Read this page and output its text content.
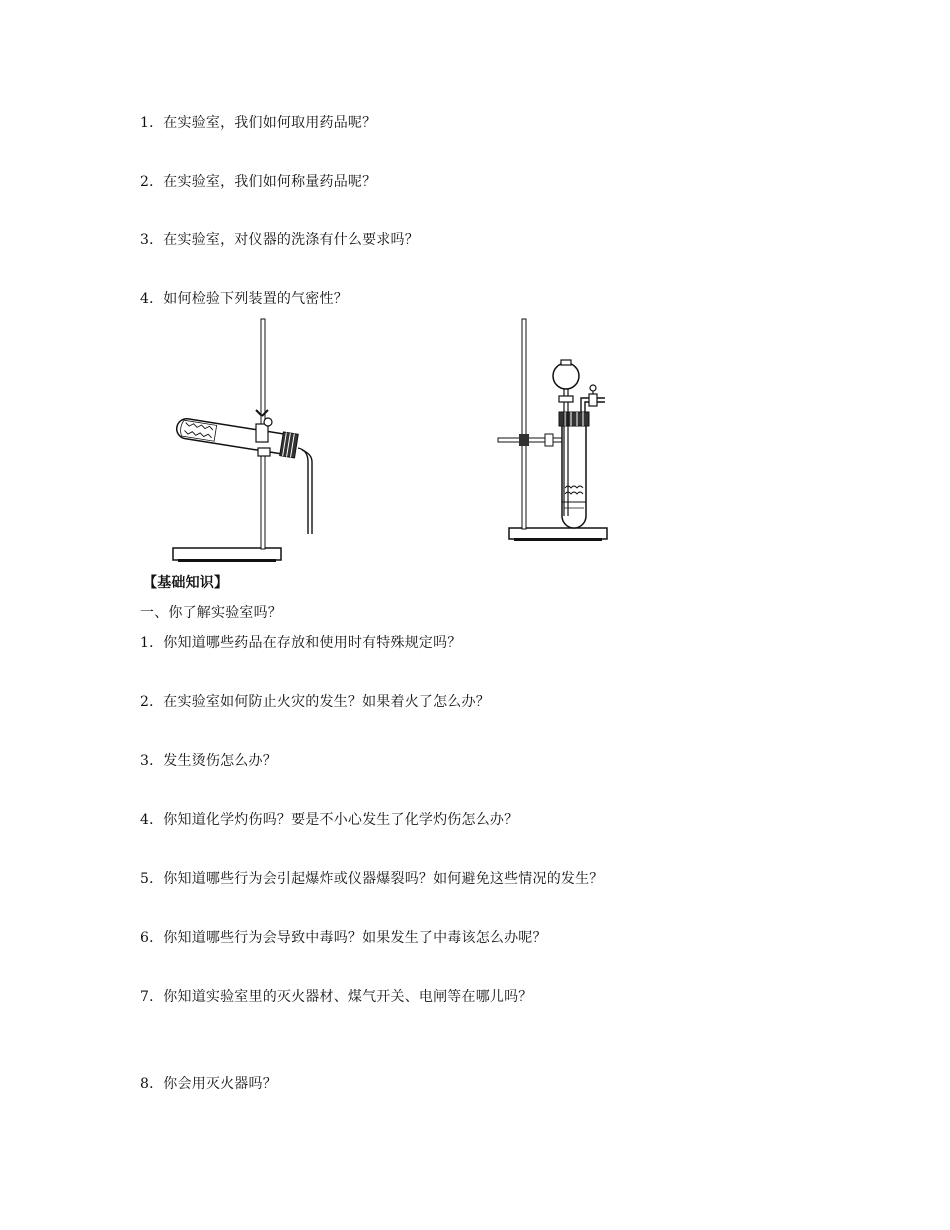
1．在实验室，我们如何取用药品呢？
2．在实验室，我们如何称量药品呢？
3．在实验室，对仪器的洗涤有什么要求吗？
4．如何检验下列装置的气密性？
【基础知识】
一、你了解实验室吗？
1．你知道哪些药品在存放和使用时有特殊规定吗？
2．在实验室如何防止火灾的发生？如果着火了怎么办？
3．发生烫伤怎么办？
4．你知道化学灼伤吗？要是不小心发生了化学灼伤怎么办？
5．你知道哪些行为会引起爆炸或仪器爆裂吗？如何避免这些情况的发生？
6．你知道哪些行为会导致中毒吗？如果发生了中毒该怎么办呢？
7．你知道实验室里的灭火器材、煤气开关、电闸等在哪儿吗？
8．你会用灭火器吗？
